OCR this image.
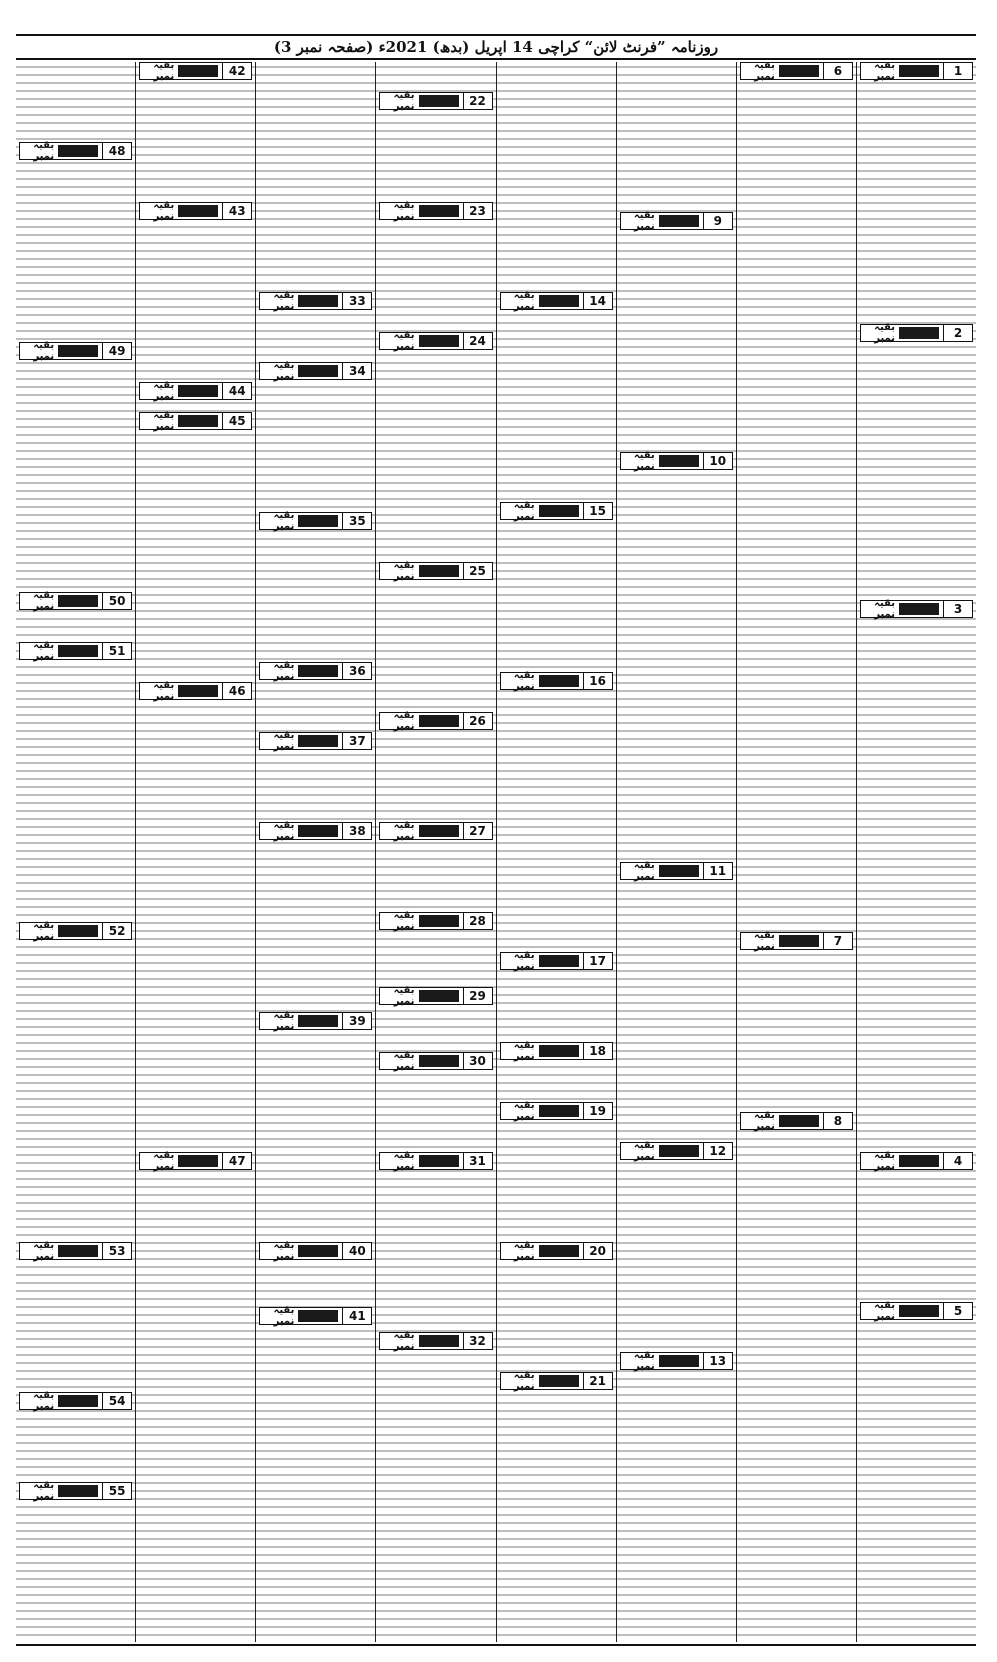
روزنامہ ”فرنٹ لائن“ کراچی 14 اپریل (بدھ) 2021ء (صفحہ نمبر 3)
1
بقیہ نمبر
2
بقیہ نمبر
3
بقیہ نمبر
4
بقیہ نمبر
5
بقیہ نمبر
6
بقیہ نمبر
7
بقیہ نمبر
8
بقیہ نمبر
9
بقیہ نمبر
10
بقیہ نمبر
11
بقیہ نمبر
12
بقیہ نمبر
13
بقیہ نمبر
14
بقیہ نمبر
15
بقیہ نمبر
16
بقیہ نمبر
17
بقیہ نمبر
18
بقیہ نمبر
19
بقیہ نمبر
20
بقیہ نمبر
21
بقیہ نمبر
22
بقیہ نمبر
23
بقیہ نمبر
24
بقیہ نمبر
25
بقیہ نمبر
26
بقیہ نمبر
27
بقیہ نمبر
28
بقیہ نمبر
29
بقیہ نمبر
30
بقیہ نمبر
31
بقیہ نمبر
32
بقیہ نمبر
33
بقیہ نمبر
34
بقیہ نمبر
35
بقیہ نمبر
36
بقیہ نمبر
37
بقیہ نمبر
38
بقیہ نمبر
39
بقیہ نمبر
40
بقیہ نمبر
41
بقیہ نمبر
42
بقیہ نمبر
43
بقیہ نمبر
44
بقیہ نمبر
45
بقیہ نمبر
46
بقیہ نمبر
47
بقیہ نمبر
48
بقیہ نمبر
49
بقیہ نمبر
50
بقیہ نمبر
51
بقیہ نمبر
52
بقیہ نمبر
53
بقیہ نمبر
54
بقیہ نمبر
55
بقیہ نمبر
